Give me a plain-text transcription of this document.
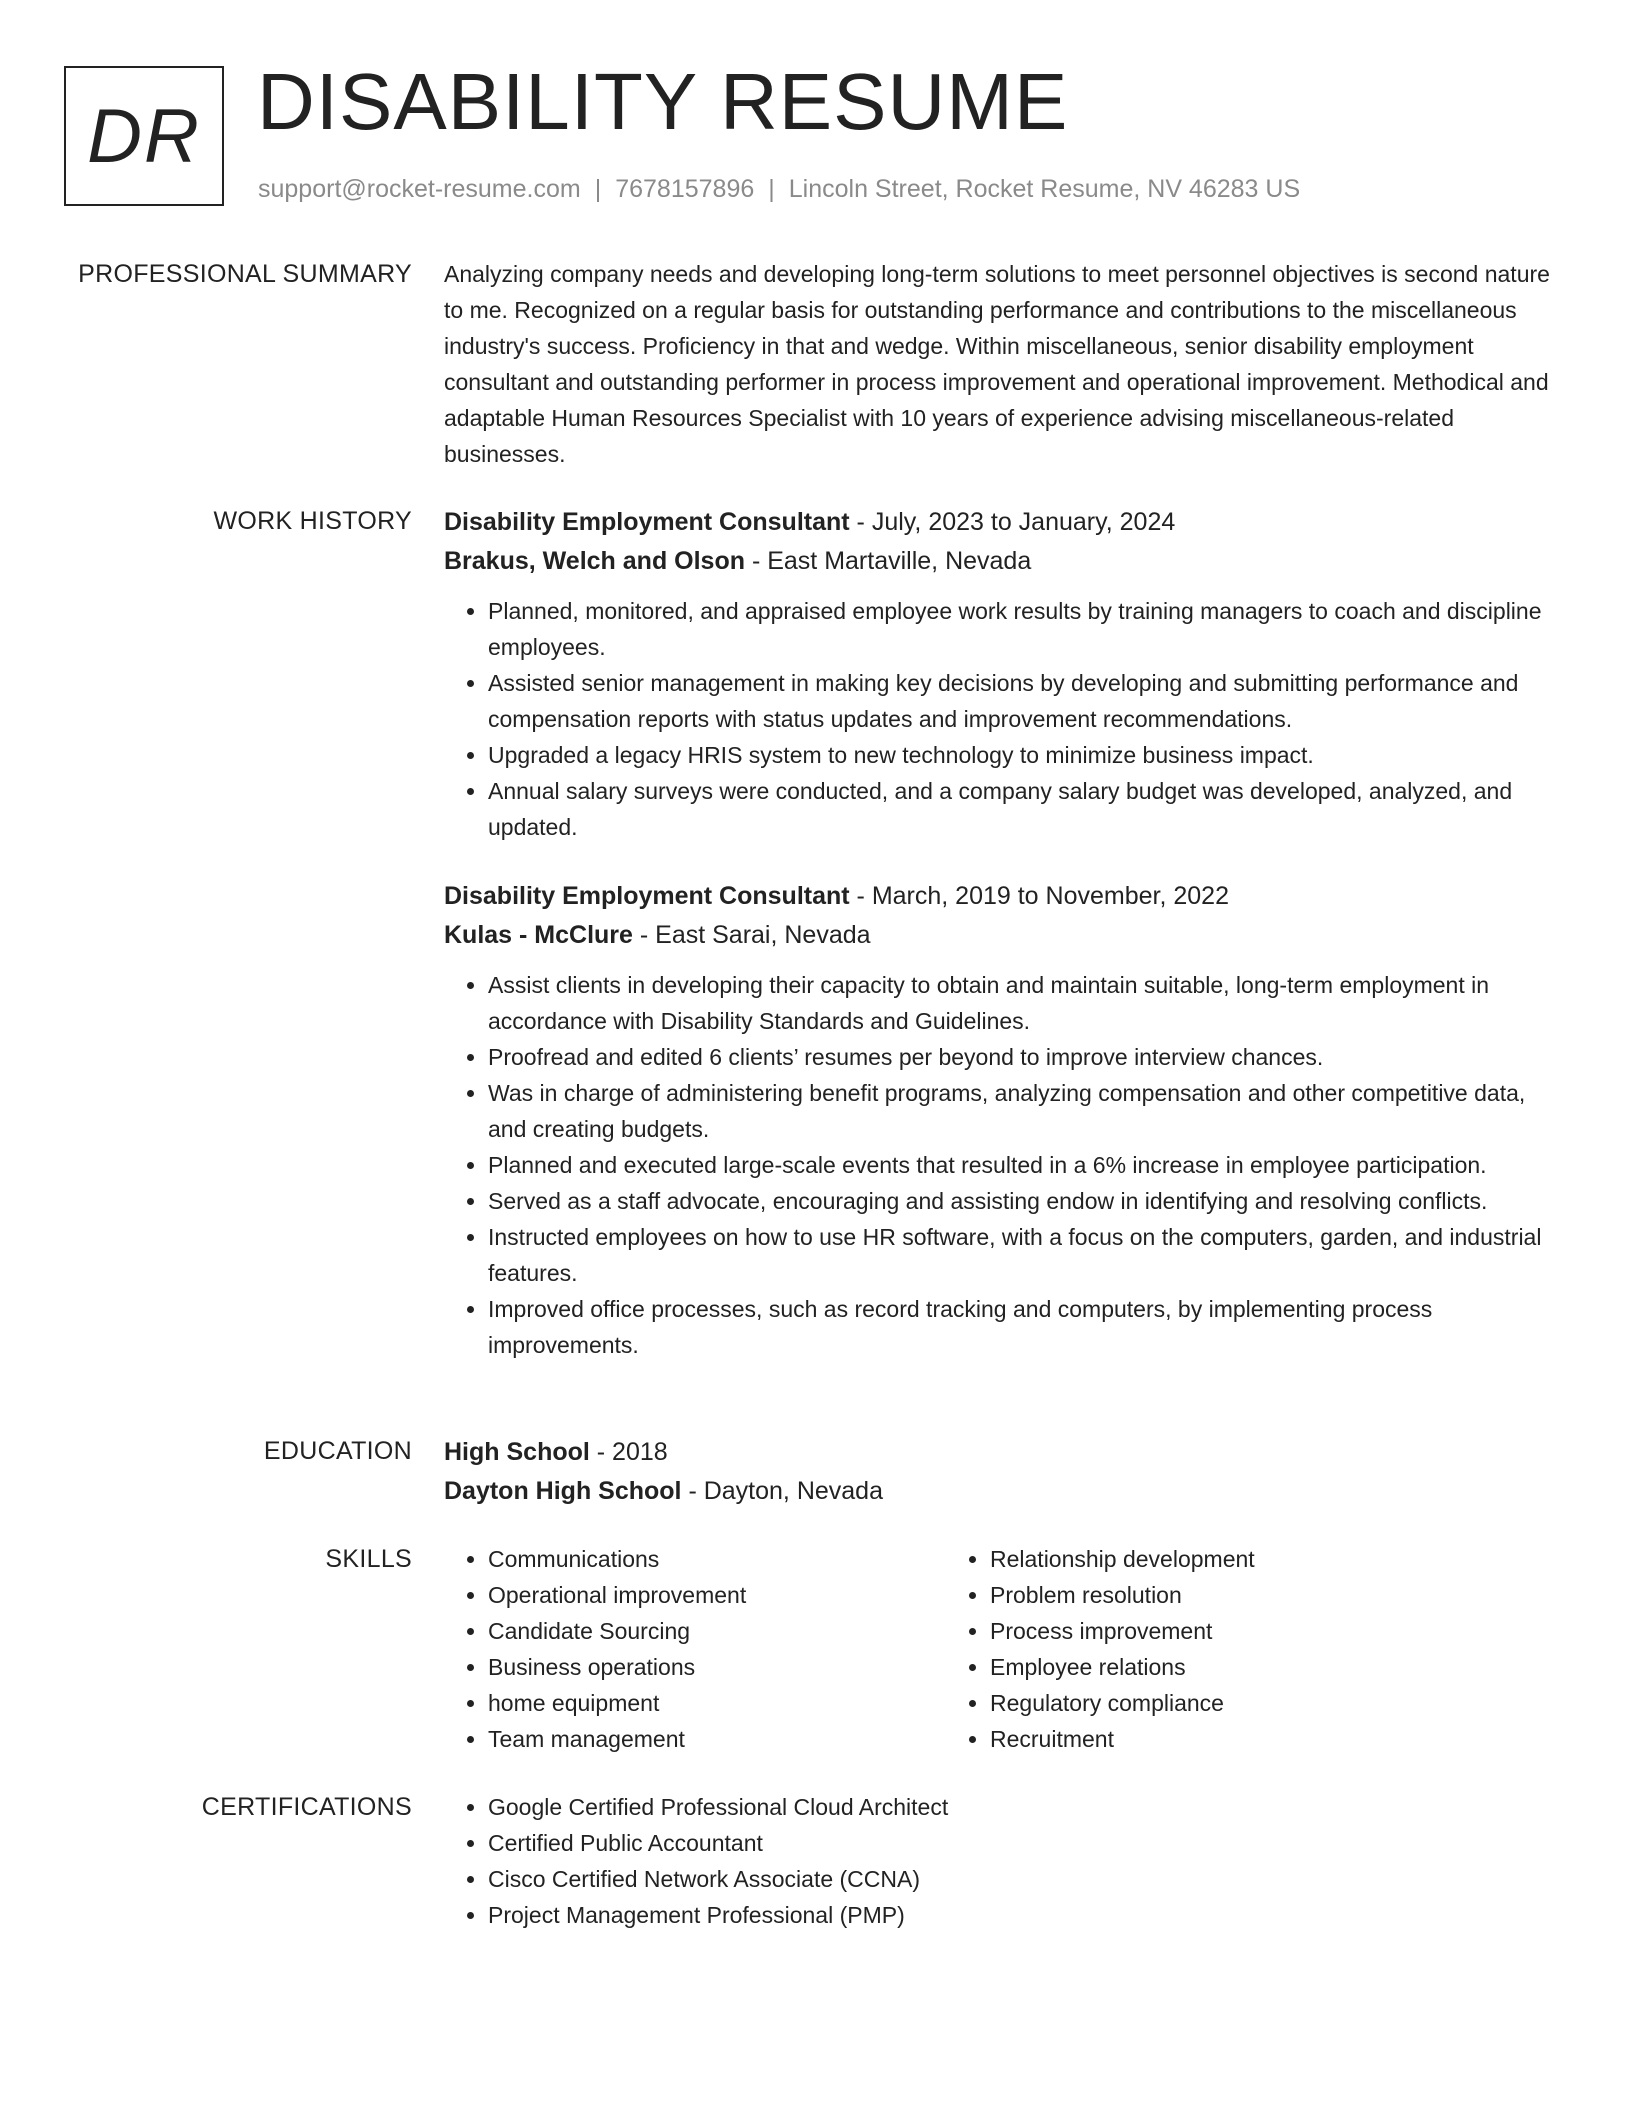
DR DISABILITY RESUME
support@rocket-resume.com | 7678157896 | Lincoln Street, Rocket Resume, NV 46283 US
PROFESSIONAL SUMMARY Analyzing company needs and developing long-term solutions to meet personnel objectives is second nature to me. Recognized on a regular basis for outstanding performance and contributions to the miscellaneous industry's success. Proficiency in that and wedge. Within miscellaneous, senior disability employment consultant and outstanding performer in process improvement and operational improvement. Methodical and adaptable Human Resources Specialist with 10 years of experience advising miscellaneous-related businesses.

WORK HISTORY Disability Employment Consultant - July, 2023 to January, 2024
Brakus, Welch and Olson - East Martaville, Nevada
• Planned, monitored, and appraised employee work results by training managers to coach and discipline employees.
• Assisted senior management in making key decisions by developing and submitting performance and compensation reports with status updates and improvement recommendations.
• Upgraded a legacy HRIS system to new technology to minimize business impact.
• Annual salary surveys were conducted, and a company salary budget was developed, analyzed, and updated.
Disability Employment Consultant - March, 2019 to November, 2022
Kulas - McClure - East Sarai, Nevada
• Assist clients in developing their capacity to obtain and maintain suitable, long-term employment in accordance with Disability Standards and Guidelines.
• Proofread and edited 6 clients’ resumes per beyond to improve interview chances.
• Was in charge of administering benefit programs, analyzing compensation and other competitive data, and creating budgets.
• Planned and executed large-scale events that resulted in a 6% increase in employee participation.
• Served as a staff advocate, encouraging and assisting endow in identifying and resolving conflicts.
• Instructed employees on how to use HR software, with a focus on the computers, garden, and industrial features.
• Improved office processes, such as record tracking and computers, by implementing process improvements.
EDUCATION High School - 2018
Dayton High School - Dayton, Nevada
SKILLS	• Communications
• Operational improvement
• Candidate Sourcing
• Business operations
• home equipment
• Team management
• Relationship development
• Problem resolution
• Process improvement
• Employee relations
• Regulatory compliance
• Recruitment
CERTIFICATIONS	• Google Certified Professional Cloud Architect
• Certified Public Accountant
• Cisco Certified Network Associate (CCNA)
• Project Management Professional (PMP)
